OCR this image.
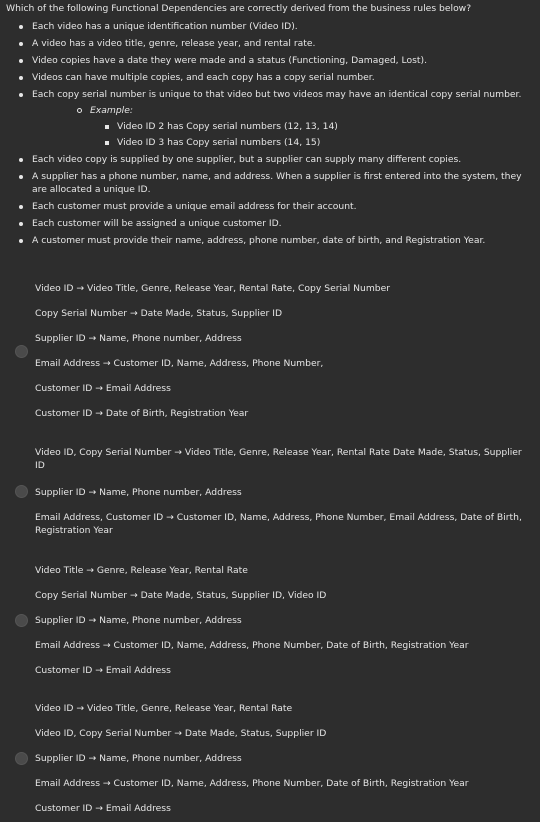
Which of the following Functional Dependencies are correctly derived from the business rules below?
Each video has a unique identification number (Video ID).
A video has a video title, genre, release year, and rental rate.
Video copies have a date they were made and a status (Functioning, Damaged, Lost).
Videos can have multiple copies, and each copy has a copy serial number.
Each copy serial number is unique to that video but two videos may have an identical copy serial number.
Example:
Video ID 2 has Copy serial numbers (12, 13, 14)
Video ID 3 has Copy serial numbers (14, 15)
Each video copy is supplied by one supplier, but a supplier can supply many different copies.
A supplier has a phone number, name, and address. When a supplier is first entered into the system, they are allocated a unique ID.
Each customer must provide a unique email address for their account.
Each customer will be assigned a unique customer ID.
A customer must provide their name, address, phone number, date of birth, and Registration Year.
Video ID → Video Title, Genre, Release Year, Rental Rate, Copy Serial Number
Copy Serial Number → Date Made, Status, Supplier ID
Supplier ID → Name, Phone number, Address
Email Address → Customer ID, Name, Address, Phone Number,
Customer ID → Email Address
Customer ID → Date of Birth, Registration Year
Video ID, Copy Serial Number → Video Title, Genre, Release Year, Rental Rate Date Made, Status, Supplier ID
Supplier ID → Name, Phone number, Address
Email Address, Customer ID → Customer ID, Name, Address, Phone Number, Email Address, Date of Birth, Registration Year
Video Title → Genre, Release Year, Rental Rate
Copy Serial Number → Date Made, Status, Supplier ID, Video ID
Supplier ID → Name, Phone number, Address
Email Address → Customer ID, Name, Address, Phone Number, Date of Birth, Registration Year
Customer ID → Email Address
Video ID → Video Title, Genre, Release Year, Rental Rate
Video ID, Copy Serial Number → Date Made, Status, Supplier ID
Supplier ID → Name, Phone number, Address
Email Address → Customer ID, Name, Address, Phone Number, Date of Birth, Registration Year
Customer ID → Email Address
